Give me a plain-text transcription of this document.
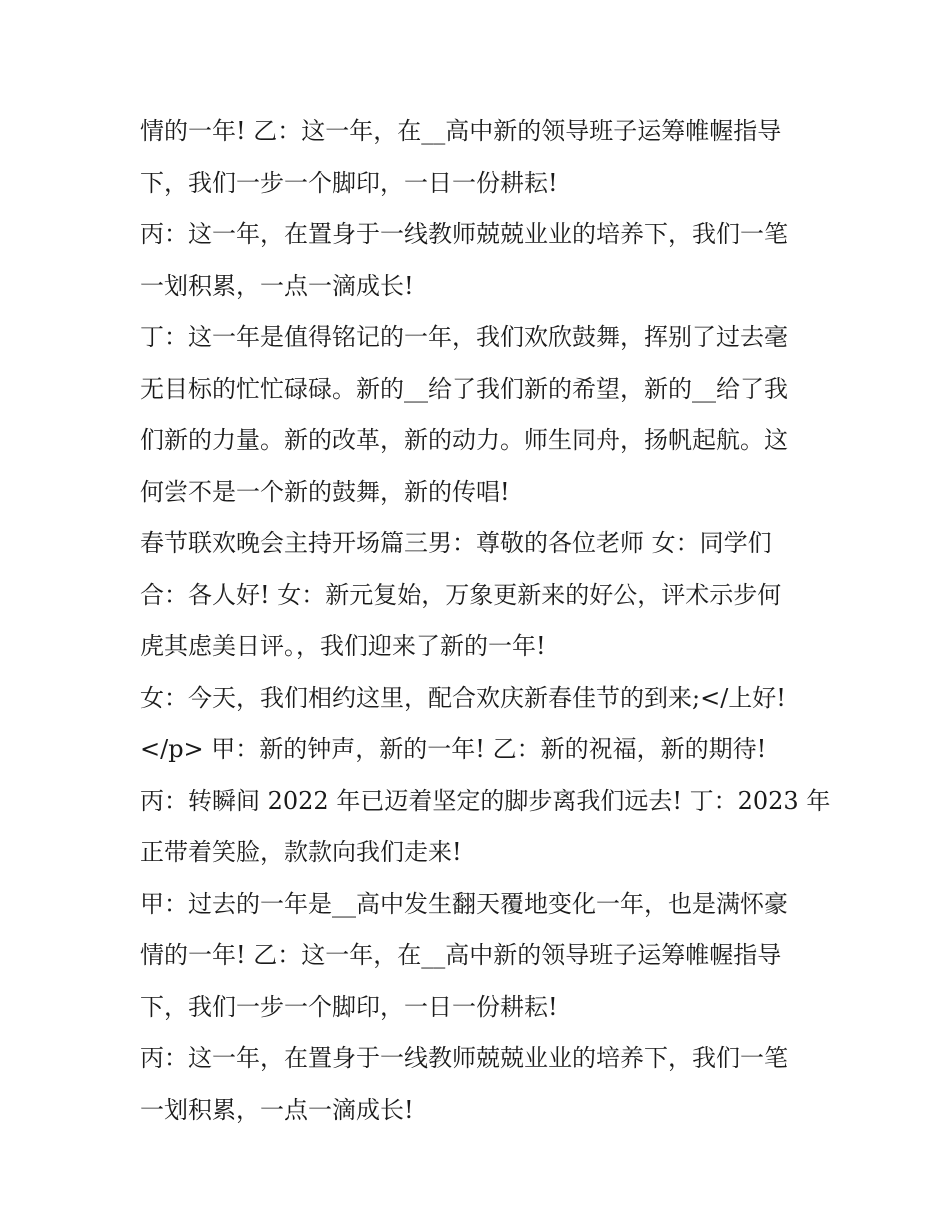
情的一年! 乙：这一年，在__高中新的领导班子运筹帷幄指导
下，我们一步一个脚印，一日一份耕耘!
丙：这一年，在置身于一线教师兢兢业业的培养下，我们一笔
一划积累，一点一滴成长!
丁：这一年是值得铭记的一年，我们欢欣鼓舞，挥别了过去毫
无目标的忙忙碌碌。新的__给了我们新的希望，新的__给了我
们新的力量。新的改革，新的动力。师生同舟，扬帆起航。这
何尝不是一个新的鼓舞，新的传唱!
春节联欢晚会主持开场篇三男：尊敬的各位老师 女：同学们
合：各人好! 女：新元复始，万象更新来的好公，评术示步何
虎其虑美日评。，我们迎来了新的一年!
女：今天，我们相约这里，配合欢庆新春佳节的到来;</上好!
</p> 甲：新的钟声，新的一年! 乙：新的祝福，新的期待!
丙：转瞬间 2022 年已迈着坚定的脚步离我们远去! 丁：2023 年
正带着笑脸，款款向我们走来!
甲：过去的一年是__高中发生翻天覆地变化一年，也是满怀豪
情的一年! 乙：这一年，在__高中新的领导班子运筹帷幄指导
下，我们一步一个脚印，一日一份耕耘!
丙：这一年，在置身于一线教师兢兢业业的培养下，我们一笔
一划积累，一点一滴成长!
